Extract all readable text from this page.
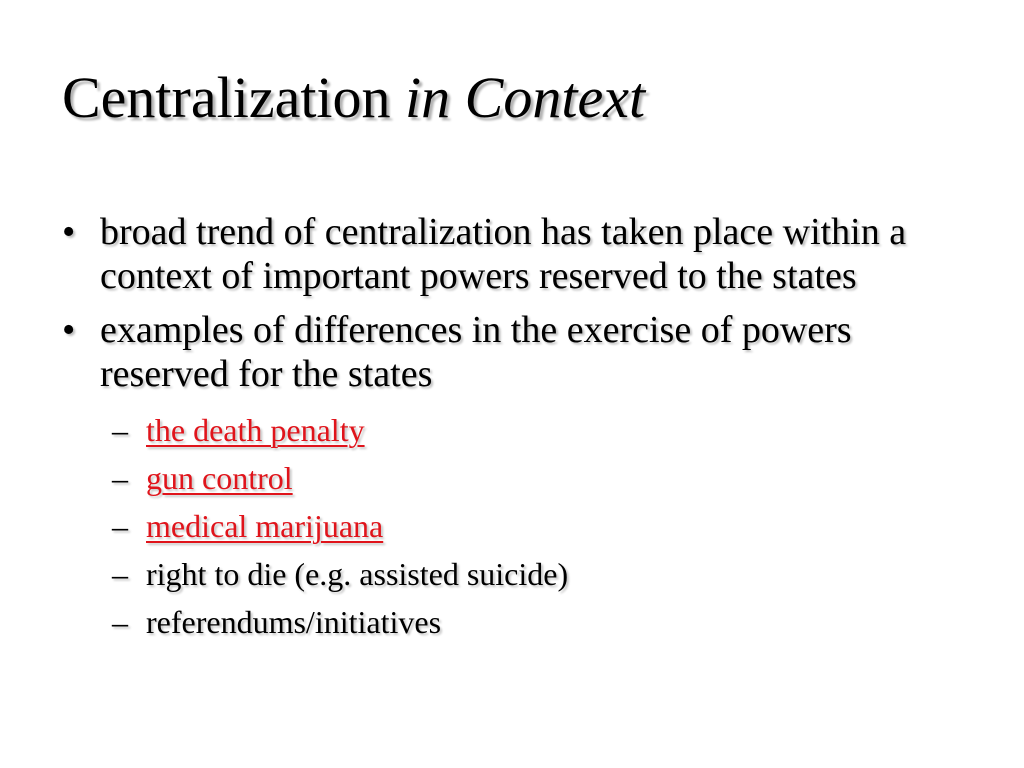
Centralization in Context
• broad trend of centralization has taken place within a context of important powers reserved to the states
• examples of differences in the exercise of powers reserved for the states
– the death penalty
– gun control
– medical marijuana
– right to die (e.g. assisted suicide)
– referendums/initiatives
